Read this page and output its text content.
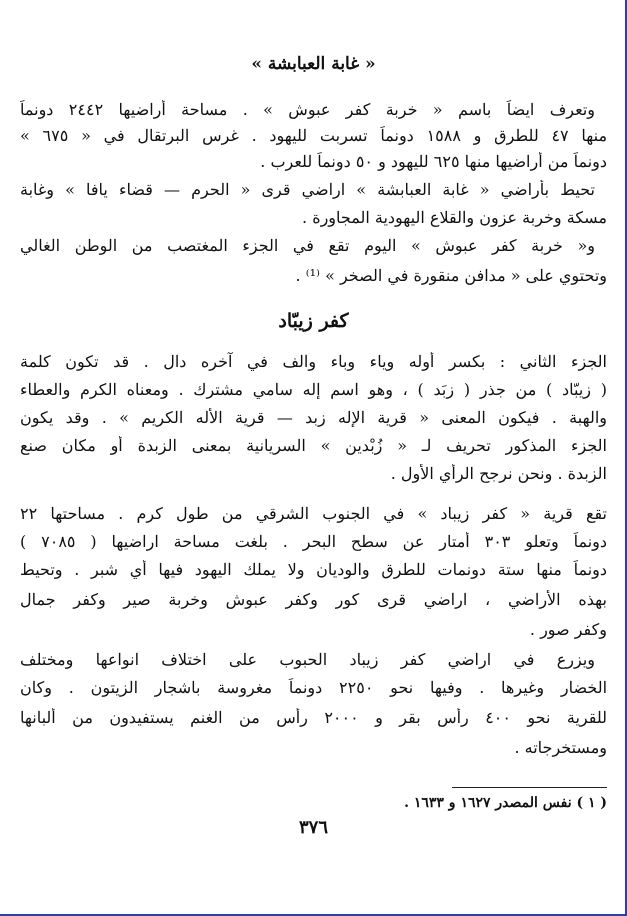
« غابة العبابشة »
وتعرف ايضاً باسم « خربة كفر عبوش » . مساحة أراضيها ٢٤٤٢ دونماً
منها ٤٧ للطرق و ١٥٨٨ دونماً تسربت لليهود . غرس البرتقال في « ٦٧٥ »
دونماً من أراضيها منها ٦٢٥ لليهود و ٥٠ دونماً للعرب .
تحيط بأراضي « غابة العبابشة » اراضي قرى « الحرم — قضاء يافا » وغابة
مسكة وخربة عزون والقلاع اليهودية المجاورة .
و« خربة كفر عبوش » اليوم تقع في الجزء المغتصب من الوطن الغالي
وتحتوي على « مدافن منقورة في الصخر » ⁽¹⁾ .
كفر زيبّاد
الجزء الثاني : بكسر أوله وياء وباء والف في آخره دال . قد تكون كلمة
( زيبّاد ) من جذر ( زبَد ) ، وهو اسم إله سامي مشترك . ومعناه الكرم والعطاء
والهبة . فيكون المعنى « قرية الإله زبد — قرية الأله الكريم » . وقد يكون
الجزء المذكور تحريف لـ « زُبْدين » السريانية بمعنى الزبدة أو مكان صنع
الزبدة . ونحن نرجح الرأي الأول .
تقع قرية « كفر زيباد » في الجنوب الشرقي من طول كرم . مساحتها ٢٢
دونماً وتعلو ٣٠٣ أمتار عن سطح البحر . بلغت مساحة اراضيها ( ٧٠٨٥ )
دونماً منها ستة دونمات للطرق والوديان ولا يملك اليهود فيها أي شبر . وتحيط
بهذه الأراضي ، اراضي قرى كور وكفر عبوش وخربة صير وكفر جمال
وكفر صور .
ويزرع في اراضي كفر زيباد الحبوب على اختلاف انواعها ومختلف
الخضار وغيرها . وفيها نحو ٢٢٥٠ دونماً مغروسة باشجار الزيتون . وكان
للقرية نحو ٤٠٠ رأس بقر و ٢٠٠٠ رأس من الغنم يستفيدون من ألبانها
ومستخرجاته .
( ١ ) نفس المصدر ١٦٢٧ و ١٦٣٣ .
٣٧٦
